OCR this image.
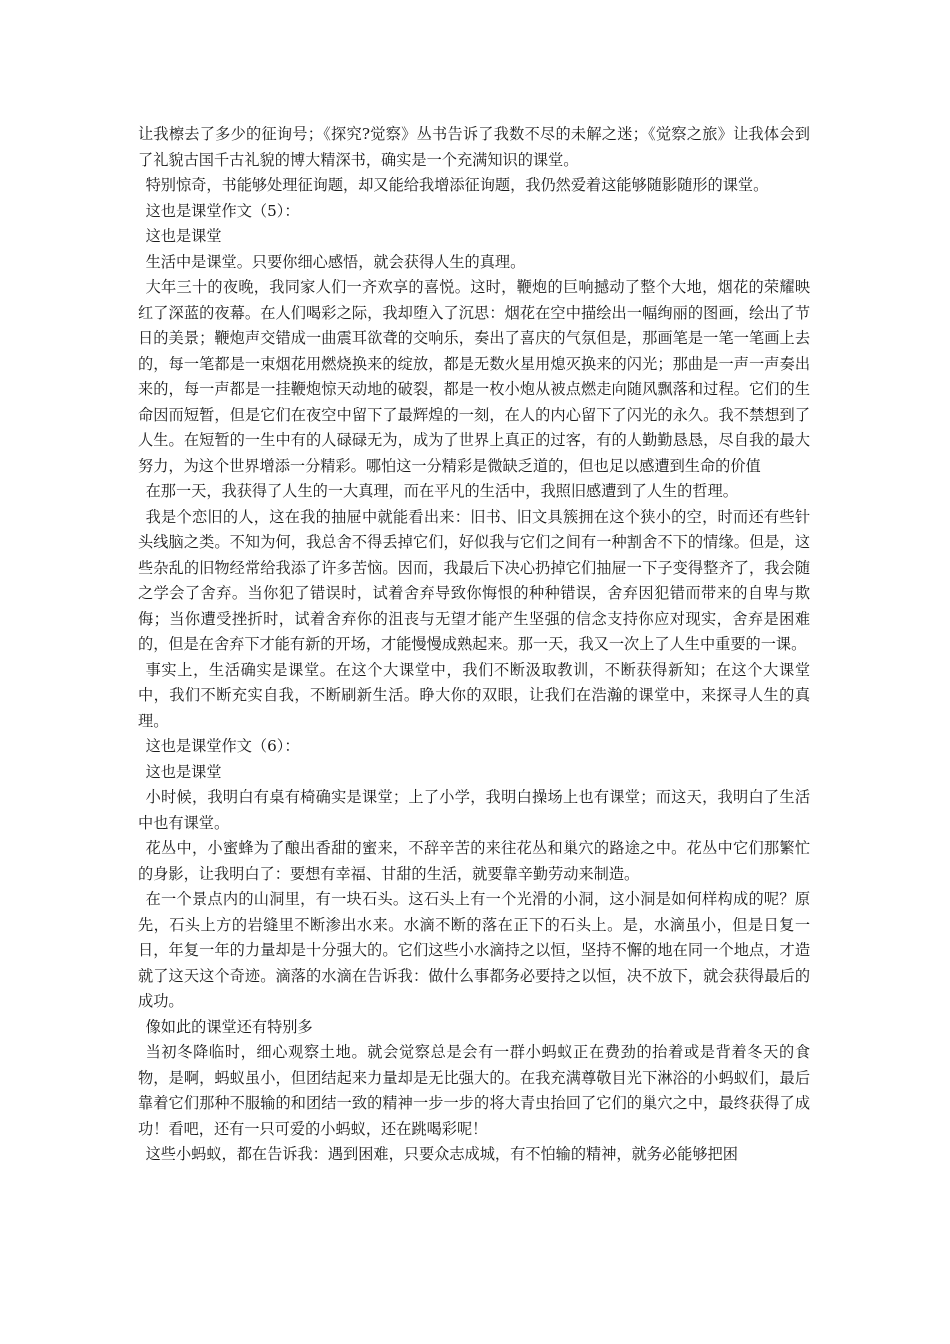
让我檫去了多少的征询号；《探究?觉察》丛书告诉了我数不尽的未解之迷；《觉察之旅》让我体会到了礼貌古国千古礼貌的博大精深书，确实是一个充满知识的课堂。

特别惊奇，书能够处理征询题，却又能给我增添征询题，我仍然爱着这能够随影随形的课堂。

这也是课堂作文（5）：

这也是课堂

生活中是课堂。只要你细心感悟，就会获得人生的真理。

大年三十的夜晚，我同家人们一齐欢享的喜悦。这时，鞭炮的巨响撼动了整个大地，烟花的荣耀映红了深蓝的夜幕。在人们喝彩之际，我却堕入了沉思：烟花在空中描绘出一幅绚丽的图画，绘出了节日的美景；鞭炮声交错成一曲震耳欲聋的交响乐，奏出了喜庆的气氛但是，那画笔是一笔一笔画上去的，每一笔都是一束烟花用燃烧换来的绽放，都是无数火星用熄灭换来的闪光；那曲是一声一声奏出来的，每一声都是一挂鞭炮惊天动地的破裂，都是一枚小炮从被点燃走向随风飘落和过程。它们的生命因而短暂，但是它们在夜空中留下了最辉煌的一刻，在人的内心留下了闪光的永久。我不禁想到了人生。在短暂的一生中有的人碌碌无为，成为了世界上真正的过客，有的人勤勤恳恳，尽自我的最大努力，为这个世界增添一分精彩。哪怕这一分精彩是微缺乏道的，但也足以感遭到生命的价值

在那一天，我获得了人生的一大真理，而在平凡的生活中，我照旧感遭到了人生的哲理。

我是个恋旧的人，这在我的抽屉中就能看出来：旧书、旧文具簇拥在这个狭小的空，时而还有些针头线脑之类。不知为何，我总舍不得丢掉它们，好似我与它们之间有一种割舍不下的情缘。但是，这些杂乱的旧物经常给我添了许多苦恼。因而，我最后下决心扔掉它们抽屉一下子变得整齐了，我会随之学会了舍弃。当你犯了错误时，试着舍弃导致你悔恨的种种错误，舍弃因犯错而带来的自卑与欺侮；当你遭受挫折时，试着舍弃你的沮丧与无望才能产生坚强的信念支持你应对现实，舍弃是困难的，但是在舍弃下才能有新的开场，才能慢慢成熟起来。那一天，我又一次上了人生中重要的一课。

事实上，生活确实是课堂。在这个大课堂中，我们不断汲取教训，不断获得新知；在这个大课堂中，我们不断充实自我，不断刷新生活。睁大你的双眼，让我们在浩瀚的课堂中，来探寻人生的真理。

这也是课堂作文（6）：

这也是课堂

小时候，我明白有桌有椅确实是课堂；上了小学，我明白操场上也有课堂；而这天，我明白了生活中也有课堂。

花丛中，小蜜蜂为了酿出香甜的蜜来，不辞辛苦的来往花丛和巢穴的路途之中。花丛中它们那繁忙的身影，让我明白了：要想有幸福、甘甜的生活，就要靠辛勤劳动来制造。

在一个景点内的山洞里，有一块石头。这石头上有一个光滑的小洞，这小洞是如何样构成的呢？原先，石头上方的岩缝里不断渗出水来。水滴不断的落在正下的石头上。是，水滴虽小，但是日复一日，年复一年的力量却是十分强大的。它们这些小水滴持之以恒，坚持不懈的地在同一个地点，才造就了这天这个奇迹。滴落的水滴在告诉我：做什么事都务必要持之以恒，决不放下，就会获得最后的成功。

像如此的课堂还有特别多

当初冬降临时，细心观察土地。就会觉察总是会有一群小蚂蚁正在费劲的抬着或是背着冬天的食物，是啊，蚂蚁虽小，但团结起来力量却是无比强大的。在我充满尊敬目光下淋浴的小蚂蚁们，最后靠着它们那种不服输的和团结一致的精神一步一步的将大青虫抬回了它们的巢穴之中，最终获得了成功！看吧，还有一只可爱的小蚂蚁，还在跳喝彩呢！

这些小蚂蚁，都在告诉我：遇到困难，只要众志成城，有不怕输的精神，就务必能够把困
